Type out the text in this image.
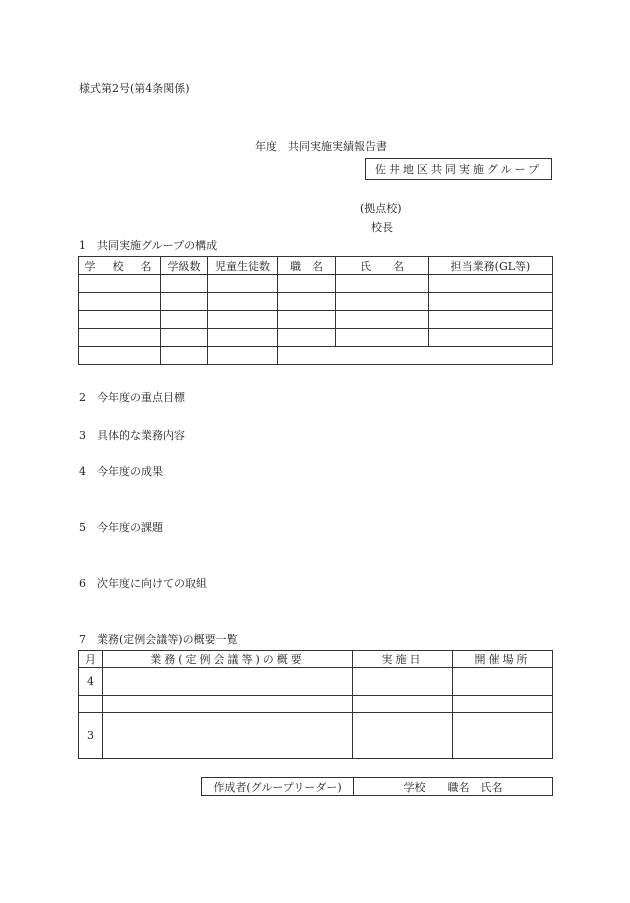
様式第2号(第4条関係)
年度　共同実施実績報告書
佐井地区共同実施グループ
(拠点校)
校長
1　共同実施グループの構成
学　校　名	学級数	児童生徒数	職　名	氏　　名	担当業務(GL等)

2　今年度の重点目標
3　具体的な業務内容
4　今年度の成果
5　今年度の課題
6　次年度に向けての取組
7　業務(定例会議等)の概要一覧
月	業務(定例会議等)の概要	実施日	開催場所
4			

3			
作成者(グループリーダー)	学校　　職名　氏名
